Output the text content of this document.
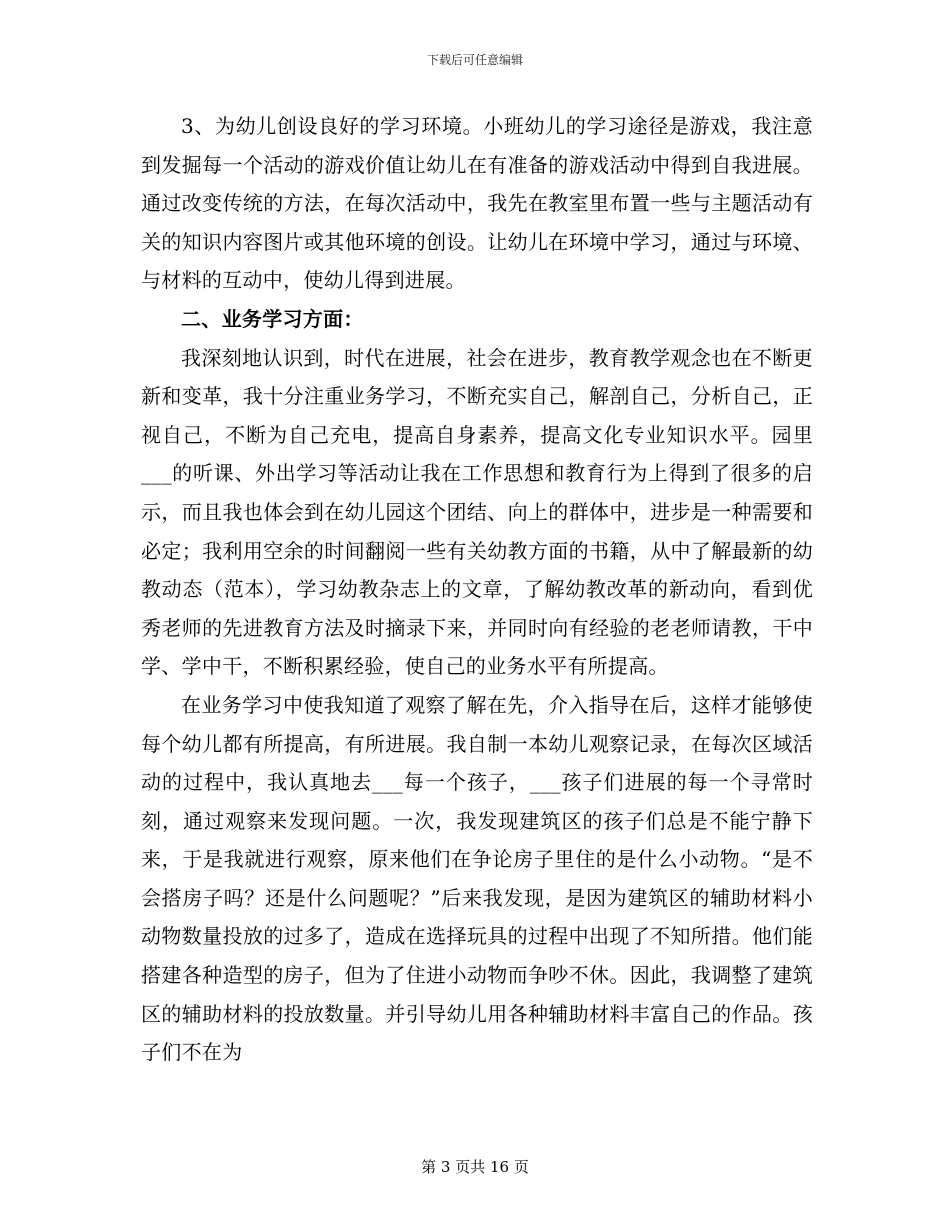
下载后可任意编辑

3、为幼儿创设良好的学习环境。小班幼儿的学习途径是游戏，我注意到发掘每一个活动的游戏价值让幼儿在有准备的游戏活动中得到自我进展。通过改变传统的方法，在每次活动中，我先在教室里布置一些与主题活动有关的知识内容图片或其他环境的创设。让幼儿在环境中学习，通过与环境、与材料的互动中，使幼儿得到进展。

二、业务学习方面：

我深刻地认识到，时代在进展，社会在进步，教育教学观念也在不断更新和变革，我十分注重业务学习，不断充实自己，解剖自己，分析自己，正视自己，不断为自己充电，提高自身素养，提高文化专业知识水平。园里___的听课、外出学习等活动让我在工作思想和教育行为上得到了很多的启示，而且我也体会到在幼儿园这个团结、向上的群体中，进步是一种需要和必定；我利用空余的时间翻阅一些有关幼教方面的书籍，从中了解最新的幼教动态（范本），学习幼教杂志上的文章，了解幼教改革的新动向，看到优秀老师的先进教育方法及时摘录下来，并同时向有经验的老老师请教，干中学、学中干，不断积累经验，使自己的业务水平有所提高。

在业务学习中使我知道了观察了解在先，介入指导在后，这样才能够使每个幼儿都有所提高，有所进展。我自制一本幼儿观察记录，在每次区域活动的过程中，我认真地去___每一个孩子，___孩子们进展的每一个寻常时刻，通过观察来发现问题。一次，我发现建筑区的孩子们总是不能宁静下来，于是我就进行观察，原来他们在争论房子里住的是什么小动物。“是不会搭房子吗？还是什么问题呢？”后来我发现，是因为建筑区的辅助材料小动物数量投放的过多了，造成在选择玩具的过程中出现了不知所措。他们能搭建各种造型的房子，但为了住进小动物而争吵不休。因此，我调整了建筑区的辅助材料的投放数量。并引导幼儿用各种辅助材料丰富自己的作品。孩子们不在为

第 3 页共 16 页
